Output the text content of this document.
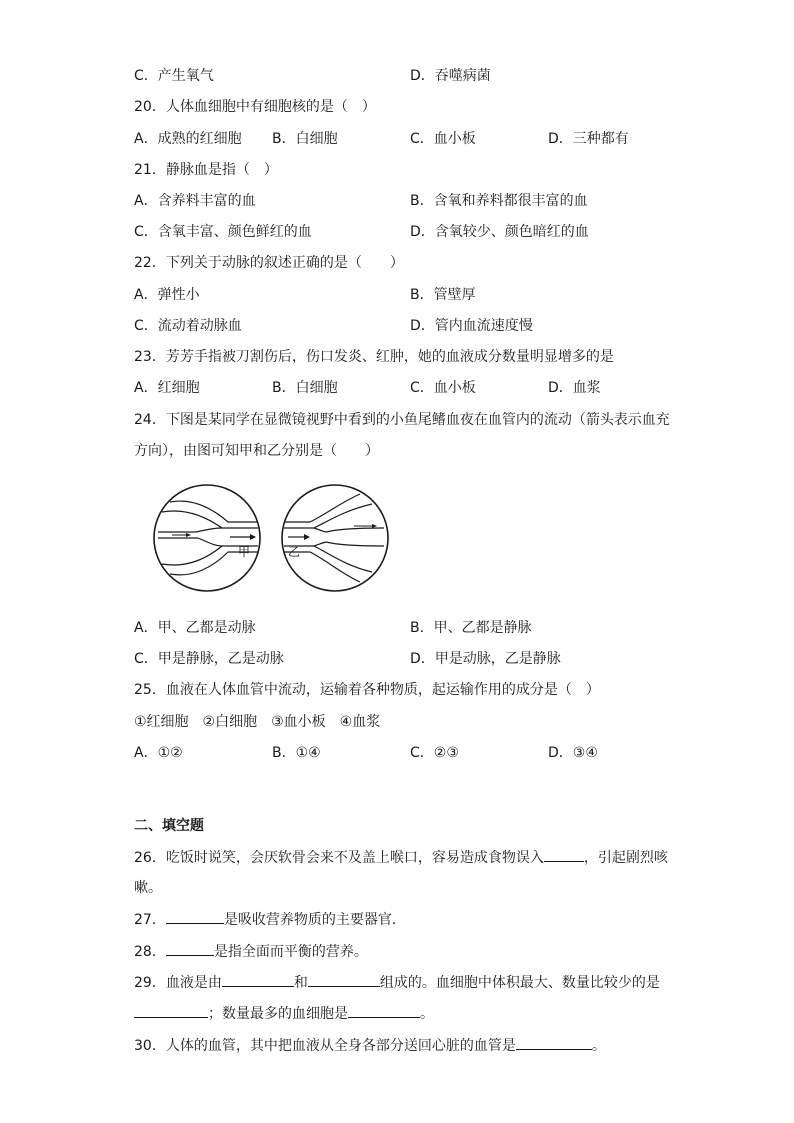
C．产生氧气	D．吞噬病菌
20．人体血细胞中有细胞核的是（　）
A．成熟的红细胞 B．白细胞	C．血小板	D．三种都有
21．静脉血是指（　）
A．含养料丰富的血	B．含氧和养料都很丰富的血
C．含氧丰富、颜色鲜红的血	D．含氧较少、颜色暗红的血
22．下列关于动脉的叙述正确的是（　　）
A．弹性小	B．管壁厚
C．流动着动脉血	D．管内血流速度慢
23．芳芳手指被刀割伤后，伤口发炎、红肿，她的血液成分数量明显增多的是
A．红细胞	B．白细胞	C．血小板	D．血浆
24．下图是某同学在显微镜视野中看到的小鱼尾鳍血夜在血管内的流动（箭头表示血充
方向），由图可知甲和乙分别是（　　）
甲	乙
A．甲、乙都是动脉	B．甲、乙都是静脉
C．甲是静脉，乙是动脉	D．甲是动脉，乙是静脉
25．血液在人体血管中流动，运输着各种物质，起运输作用的成分是（　）
①红细胞　②白细胞　③血小板　④血浆
A．①②	B．①④	C．②③	D．③④
二、填空题
26．吃饭时说笑，会厌软骨会来不及盖上喉口，容易造成食物误入	，引起剧烈咳
嗽。
27．	是吸收营养物质的主要器官．
28．	是指全面而平衡的营养。
29．血液是由	和	组成的。血细胞中体积最大、数量比较少的是
；数量最多的血细胞是	。
30．人体的血管，其中把血液从全身各部分送回心脏的血管是	。
